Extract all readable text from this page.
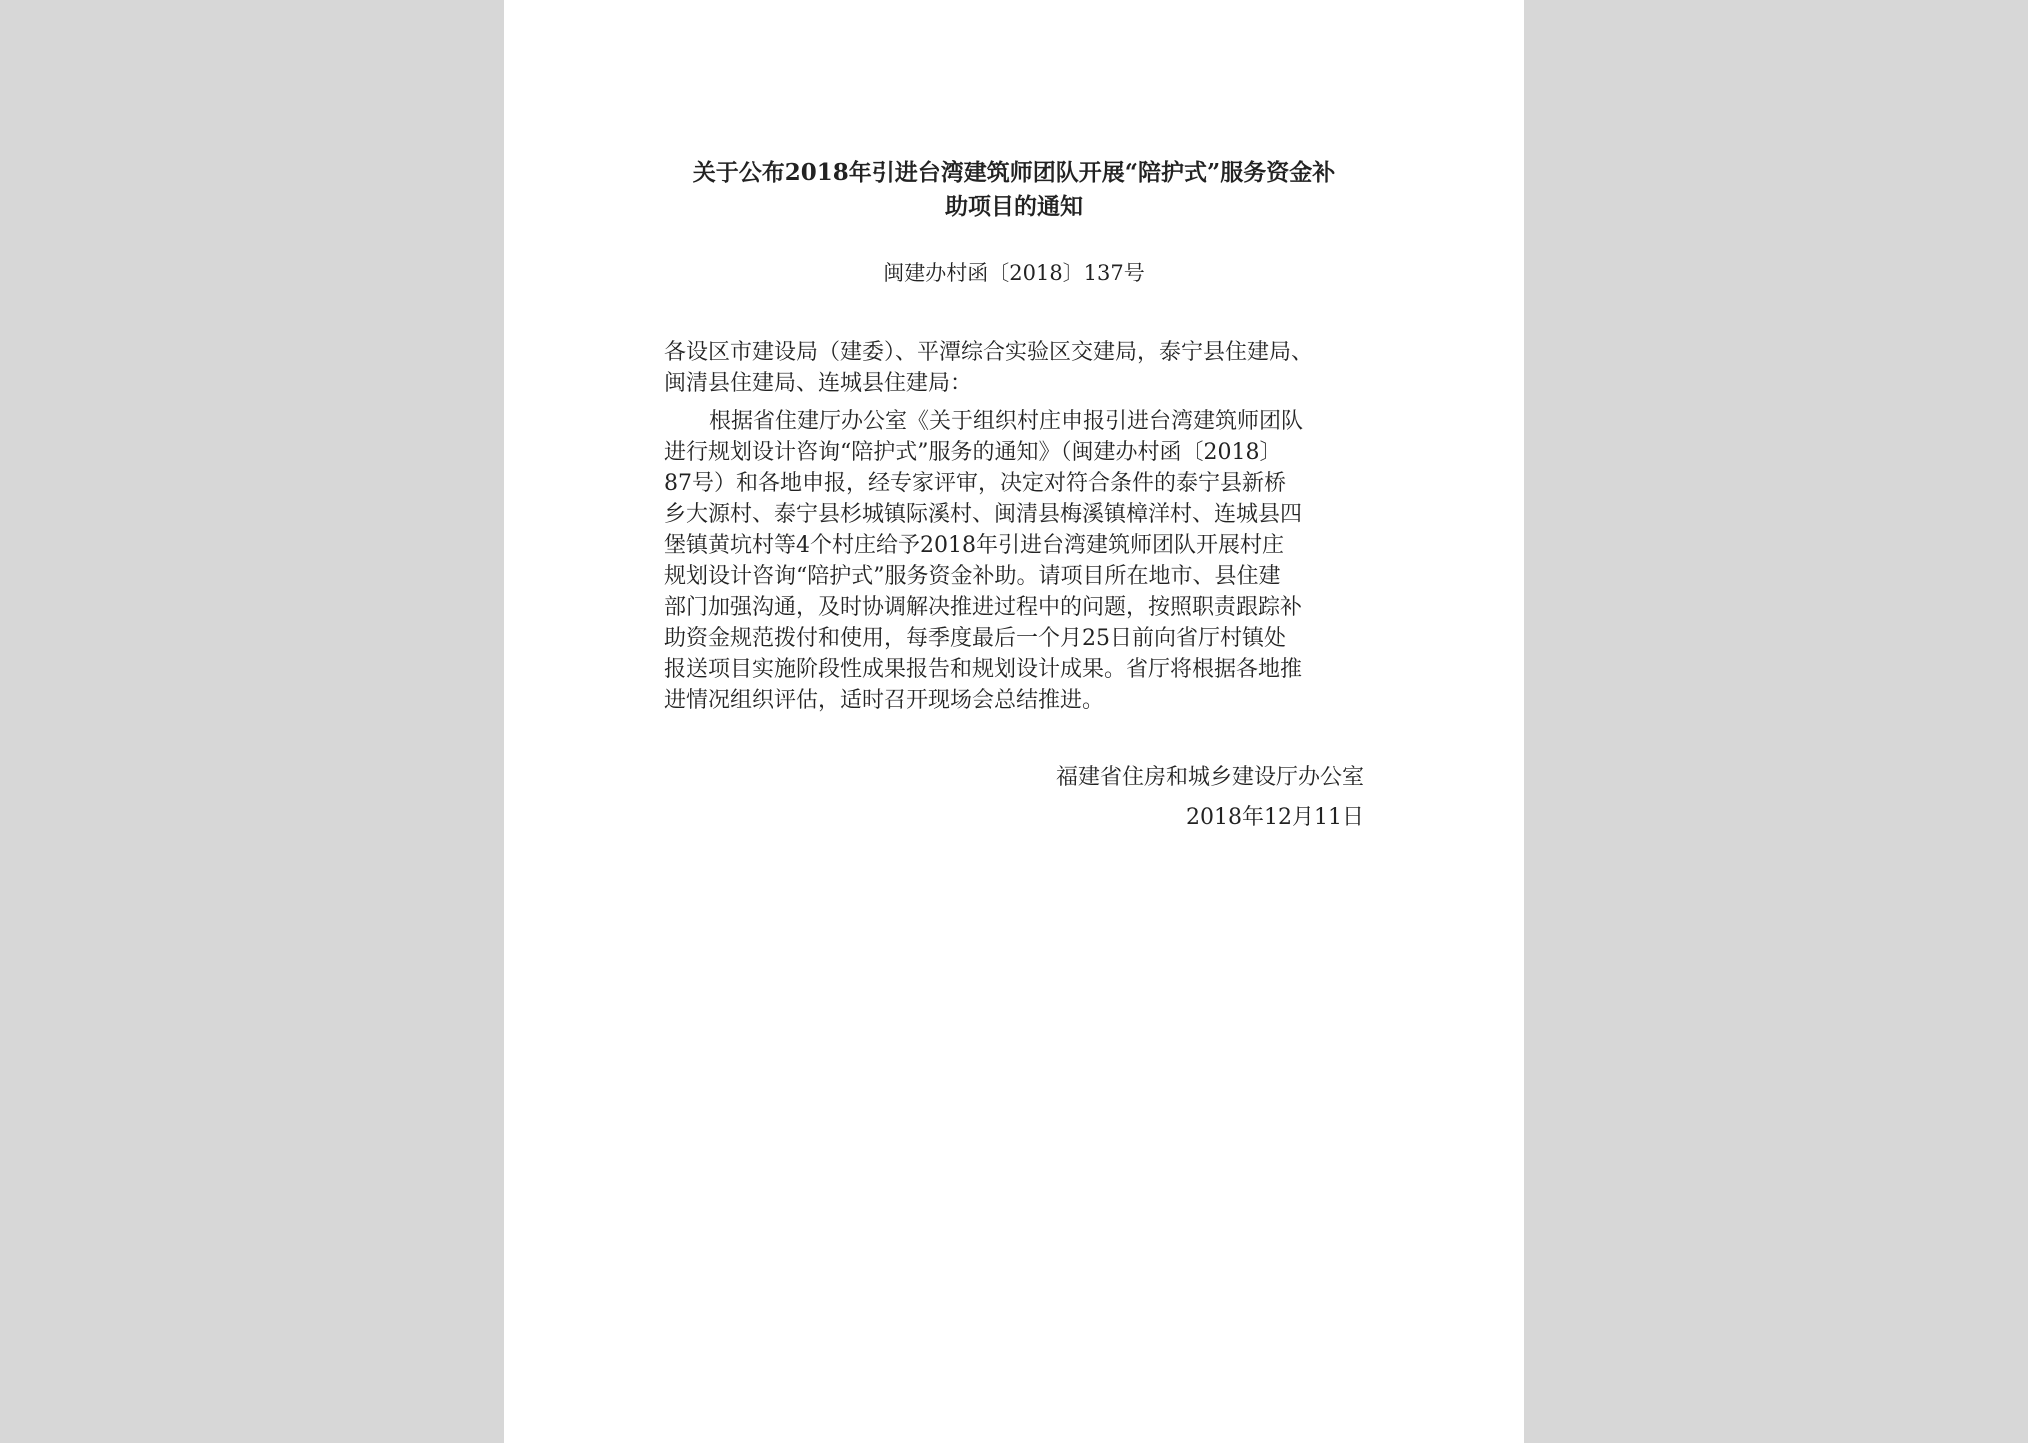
关于公布2018年引进台湾建筑师团队开展“陪护式”服务资金补
助项目的通知
闽建办村函〔2018〕137号
各设区市建设局（建委）、平潭综合实验区交建局，泰宁县住建局、
闽清县住建局、连城县住建局：
根据省住建厅办公室《关于组织村庄申报引进台湾建筑师团队
进行规划设计咨询“陪护式”服务的通知》（闽建办村函〔2018〕
87号）和各地申报，经专家评审，决定对符合条件的泰宁县新桥
乡大源村、泰宁县杉城镇际溪村、闽清县梅溪镇樟洋村、连城县四
堡镇黄坑村等4个村庄给予2018年引进台湾建筑师团队开展村庄
规划设计咨询“陪护式”服务资金补助。请项目所在地市、县住建
部门加强沟通，及时协调解决推进过程中的问题，按照职责跟踪补
助资金规范拨付和使用，每季度最后一个月25日前向省厅村镇处
报送项目实施阶段性成果报告和规划设计成果。省厅将根据各地推
进情况组织评估，适时召开现场会总结推进。
福建省住房和城乡建设厅办公室
2018年12月11日
